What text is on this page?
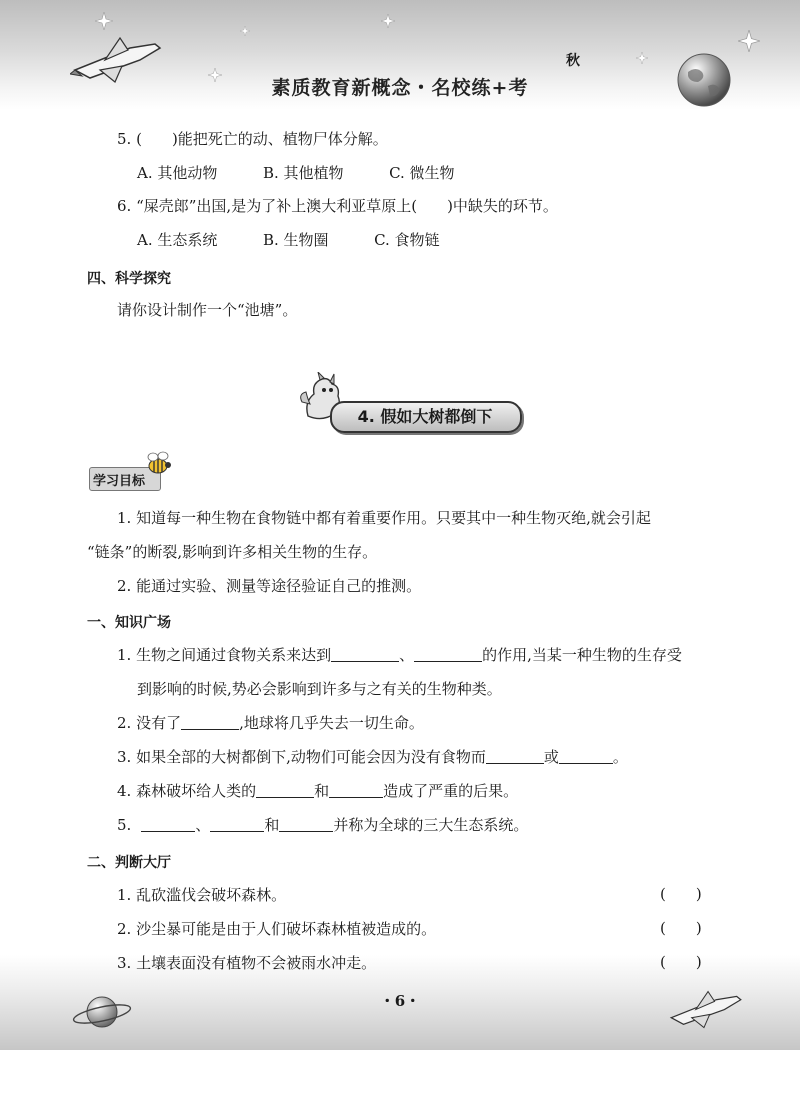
秋
素质教育新概念・名校练+考
5. ( )能把死亡的动、植物尸体分解。
A. 其他动物	B. 其他植物	C. 微生物
6. “屎壳郎”出国,是为了补上澳大利亚草原上( )中缺失的环节。
A. 生态系统	B. 生物圈	C. 食物链
四、科学探究
请你设计制作一个“池塘”。
4. 假如大树都倒下
学习目标
1. 知道每一种生物在食物链中都有着重要作用。只要其中一种生物灭绝,就会引起
“链条”的断裂,影响到许多相关生物的生存。
2. 能通过实验、测量等途径验证自己的推测。
一、知识广场
1. 生物之间通过食物关系来达到	、	的作用,当某一种生物的生存受
到影响的时候,势必会影响到许多与之有关的生物种类。
2. 没有了	,地球将几乎失去一切生命。
3. 如果全部的大树都倒下,动物们可能会因为没有食物而	或	。
4. 森林破坏给人类的	和	造成了严重的后果。
5.	、	和	并称为全球的三大生态系统。
二、判断大厅
1. 乱砍滥伐会破坏森林。	( )
2. 沙尘暴可能是由于人们破坏森林植被造成的。	( )
3. 土壤表面没有植物不会被雨水冲走。	( )
・6・
